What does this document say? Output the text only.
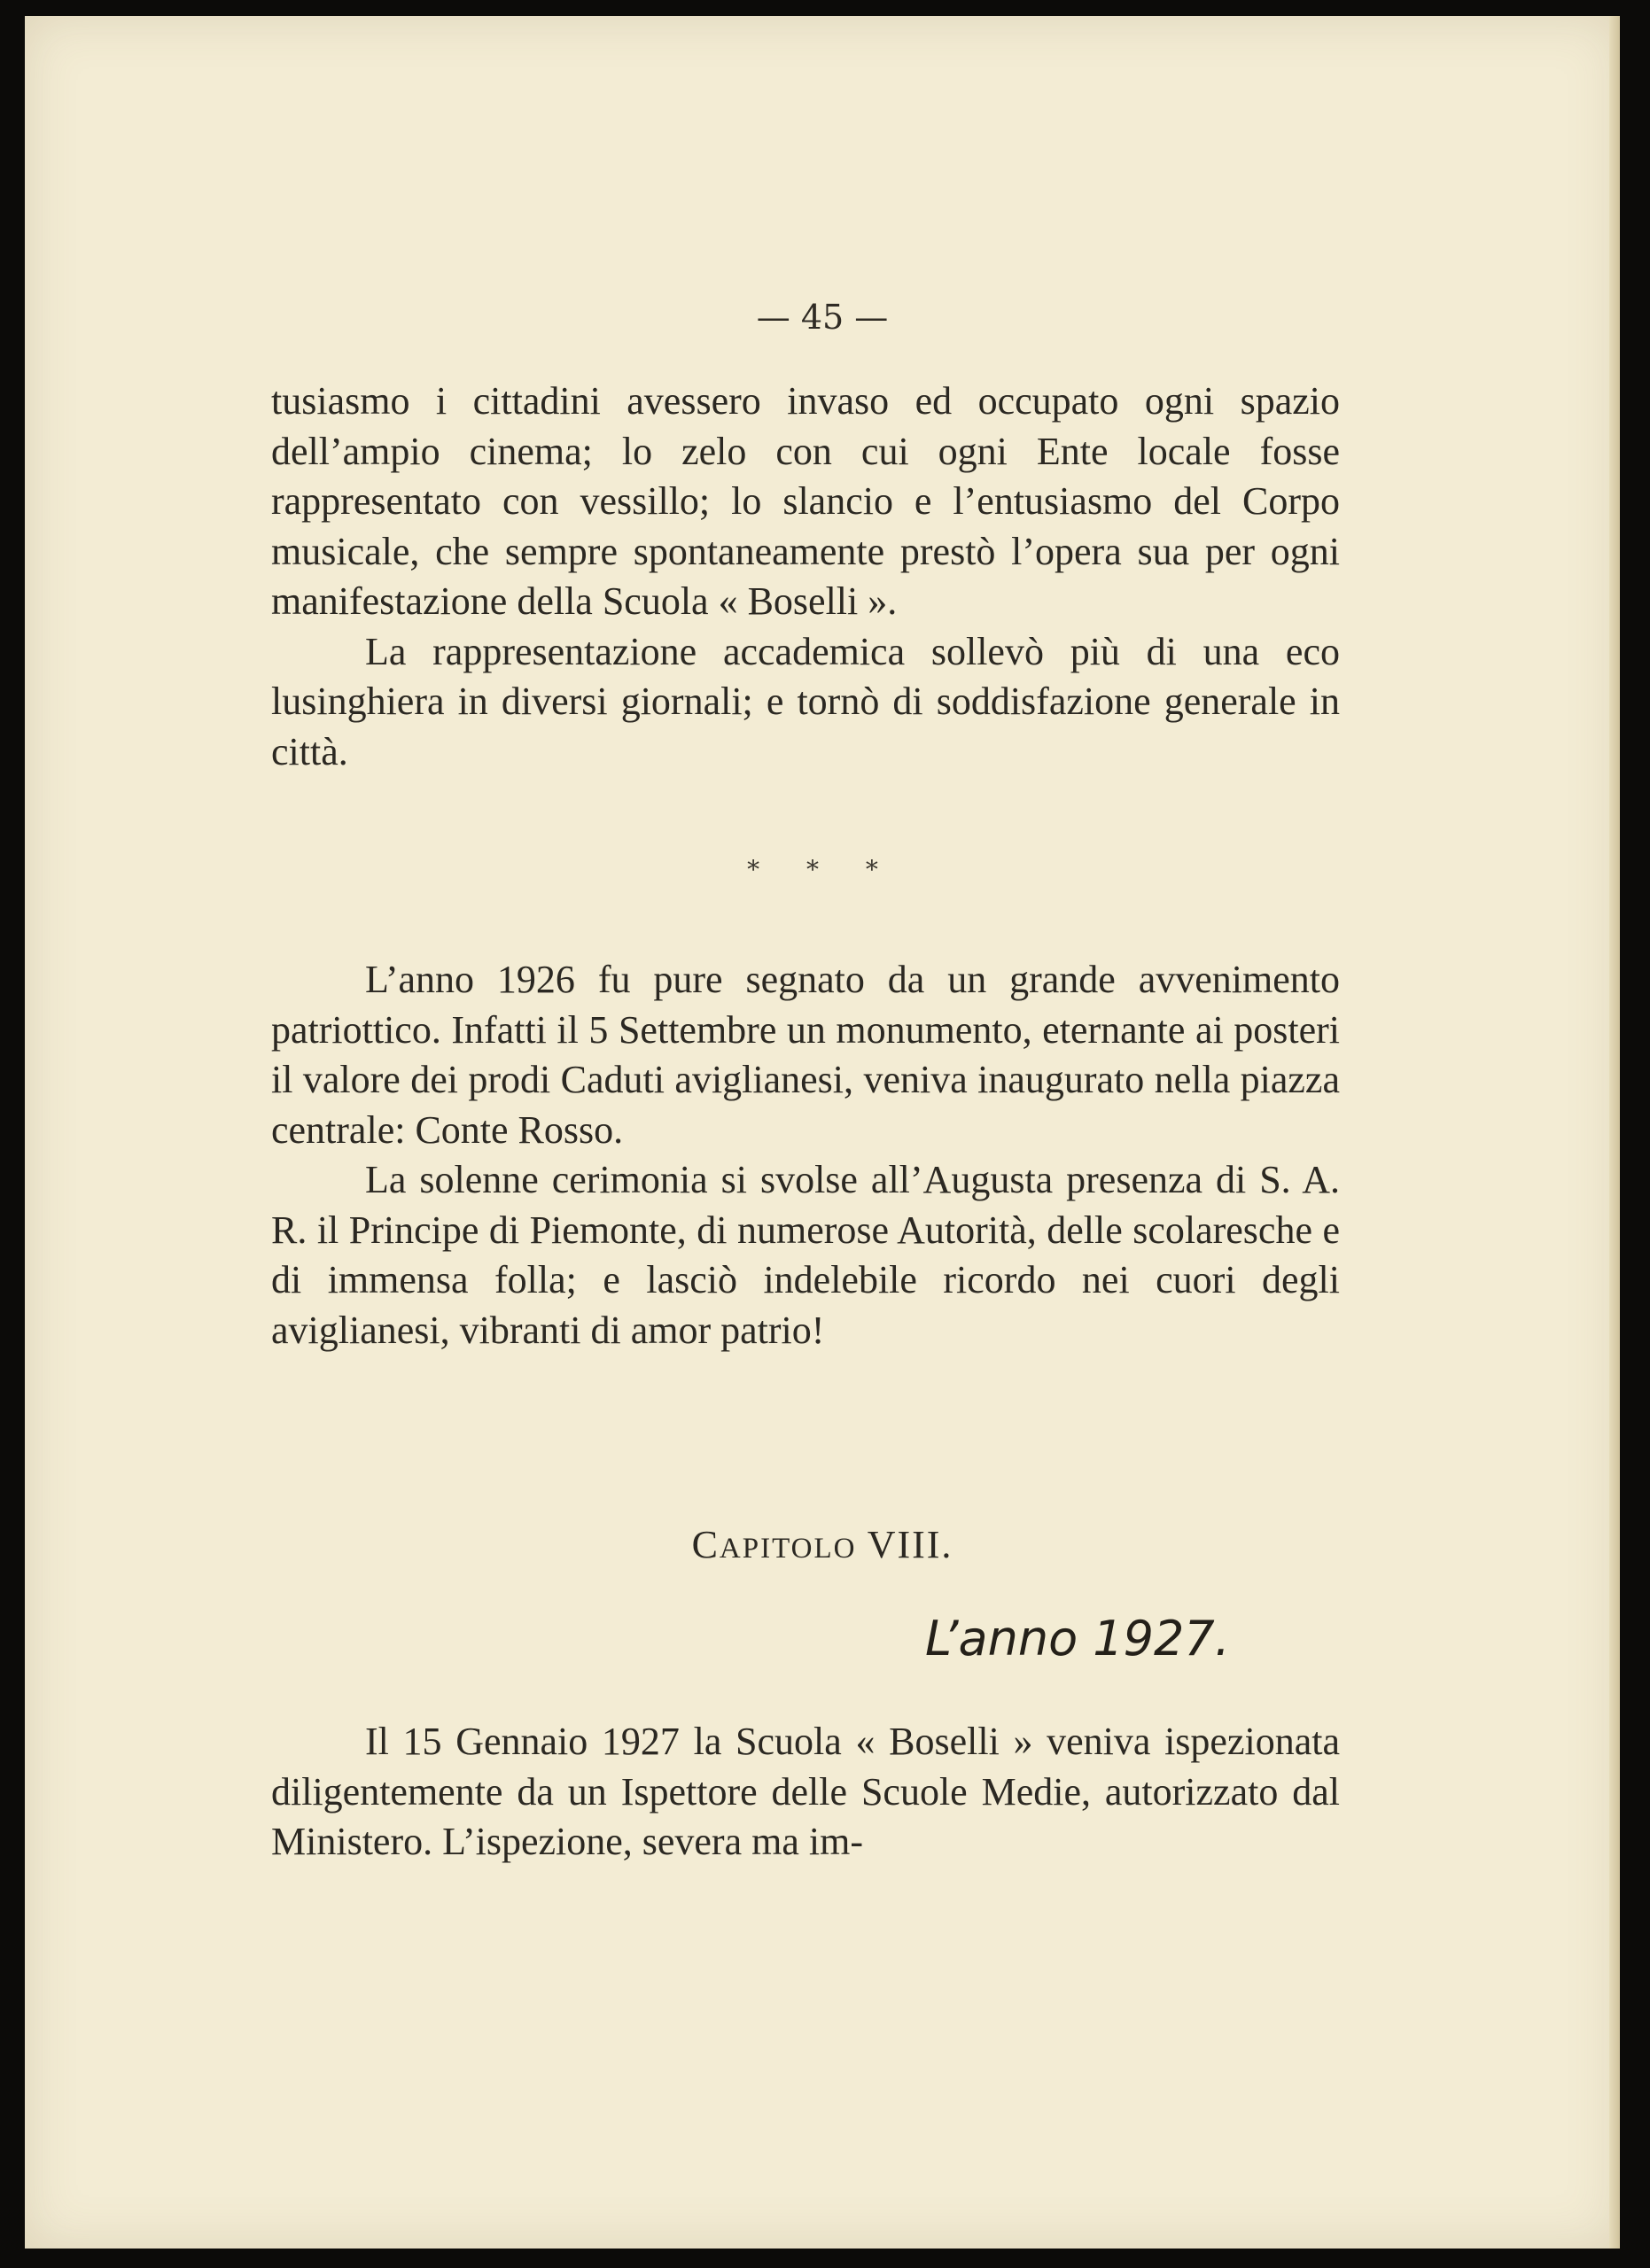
— 45 —

tusiasmo i cittadini avessero invaso ed occupato ogni spazio dell’ampio cinema; lo zelo con cui ogni Ente locale fosse rappresentato con vessillo; lo slancio e l’entusiasmo del Corpo musicale, che sempre spontaneamente prestò l’opera sua per ogni manifestazione della Scuola « Boselli ».

La rappresentazione accademica sollevò più di una eco lusinghiera in diversi giornali; e tornò di soddisfazione generale in città.

* * *

L’anno 1926 fu pure segnato da un grande avvenimento patriottico. Infatti il 5 Settembre un monumento, eternante ai posteri il valore dei prodi Caduti aviglianesi, veniva inaugurato nella piazza centrale: Conte Rosso.

La solenne cerimonia si svolse all’Augusta presenza di S. A. R. il Principe di Piemonte, di numerose Autorità, delle scolaresche e di immensa folla; e lasciò indelebile ricordo nei cuori degli aviglianesi, vibranti di amor patrio!

CAPITOLO VIII.
L’anno 1927.

Il 15 Gennaio 1927 la Scuola « Boselli » veniva ispezionata diligentemente da un Ispettore delle Scuole Medie, autorizzato dal Ministero. L’ispezione, severa ma im-
